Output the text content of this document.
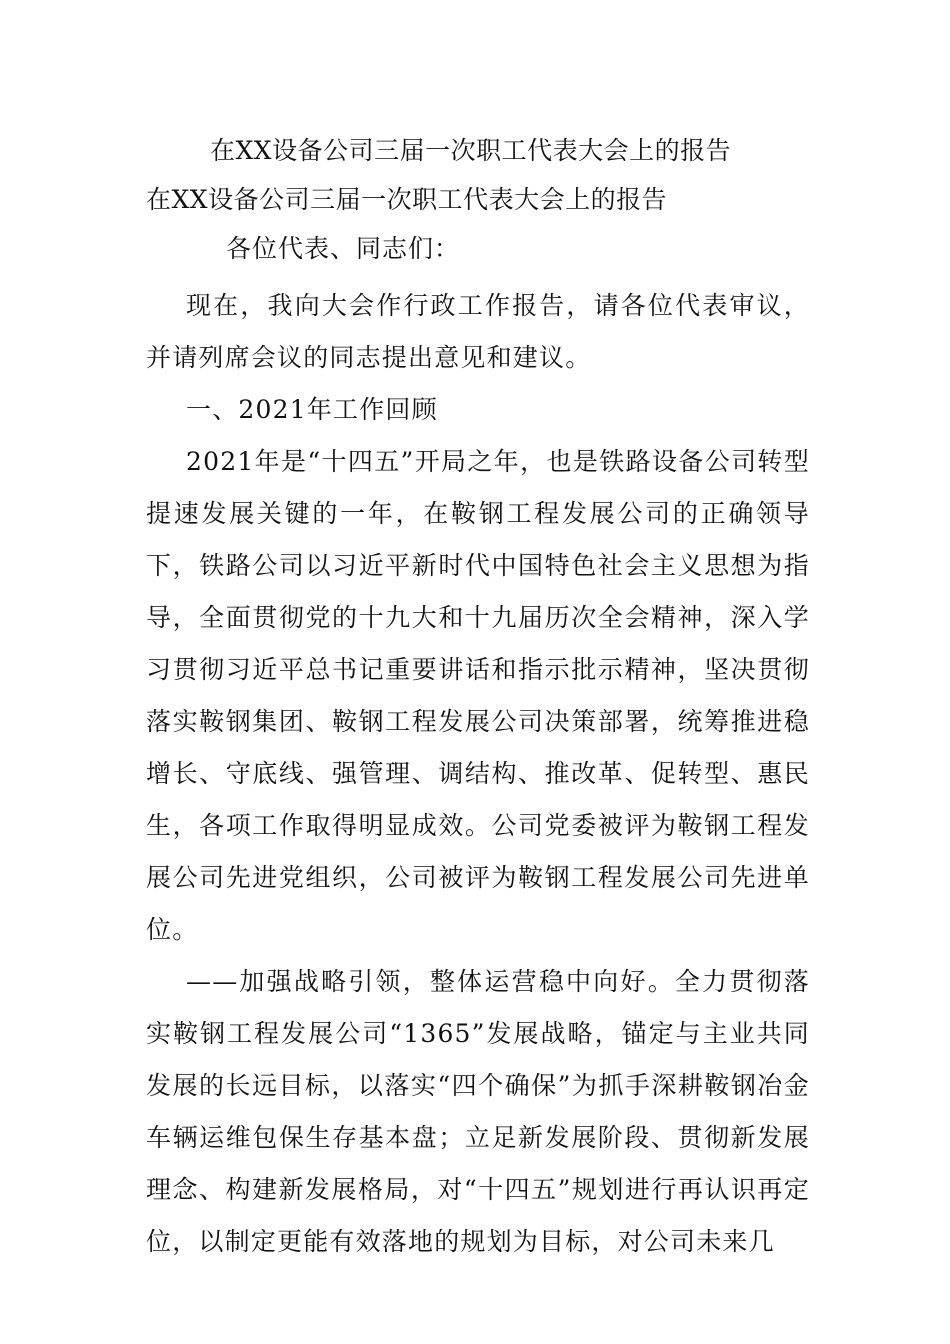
在XX设备公司三届一次职工代表大会上的报告
在XX设备公司三届一次职工代表大会上的报告
各位代表、同志们：

现在，我向大会作行政工作报告，请各位代表审议，并请列席会议的同志提出意见和建议。

一、2021年工作回顾

2021年是“十四五”开局之年，也是铁路设备公司转型提速发展关键的一年，在鞍钢工程发展公司的正确领导下，铁路公司以习近平新时代中国特色社会主义思想为指导，全面贯彻党的十九大和十九届历次全会精神，深入学习贯彻习近平总书记重要讲话和指示批示精神，坚决贯彻落实鞍钢集团、鞍钢工程发展公司决策部署，统筹推进稳增长、守底线、强管理、调结构、推改革、促转型、惠民生，各项工作取得明显成效。公司党委被评为鞍钢工程发展公司先进党组织，公司被评为鞍钢工程发展公司先进单位。

——加强战略引领，整体运营稳中向好。全力贯彻落实鞍钢工程发展公司“1365”发展战略，锚定与主业共同发展的长远目标，以落实“四个确保”为抓手深耕鞍钢冶金车辆运维包保生存基本盘；立足新发展阶段、贯彻新发展理念、构建新发展格局，对“十四五”规划进行再认识再定位，以制定更能有效落地的规划为目标，对公司未来几
